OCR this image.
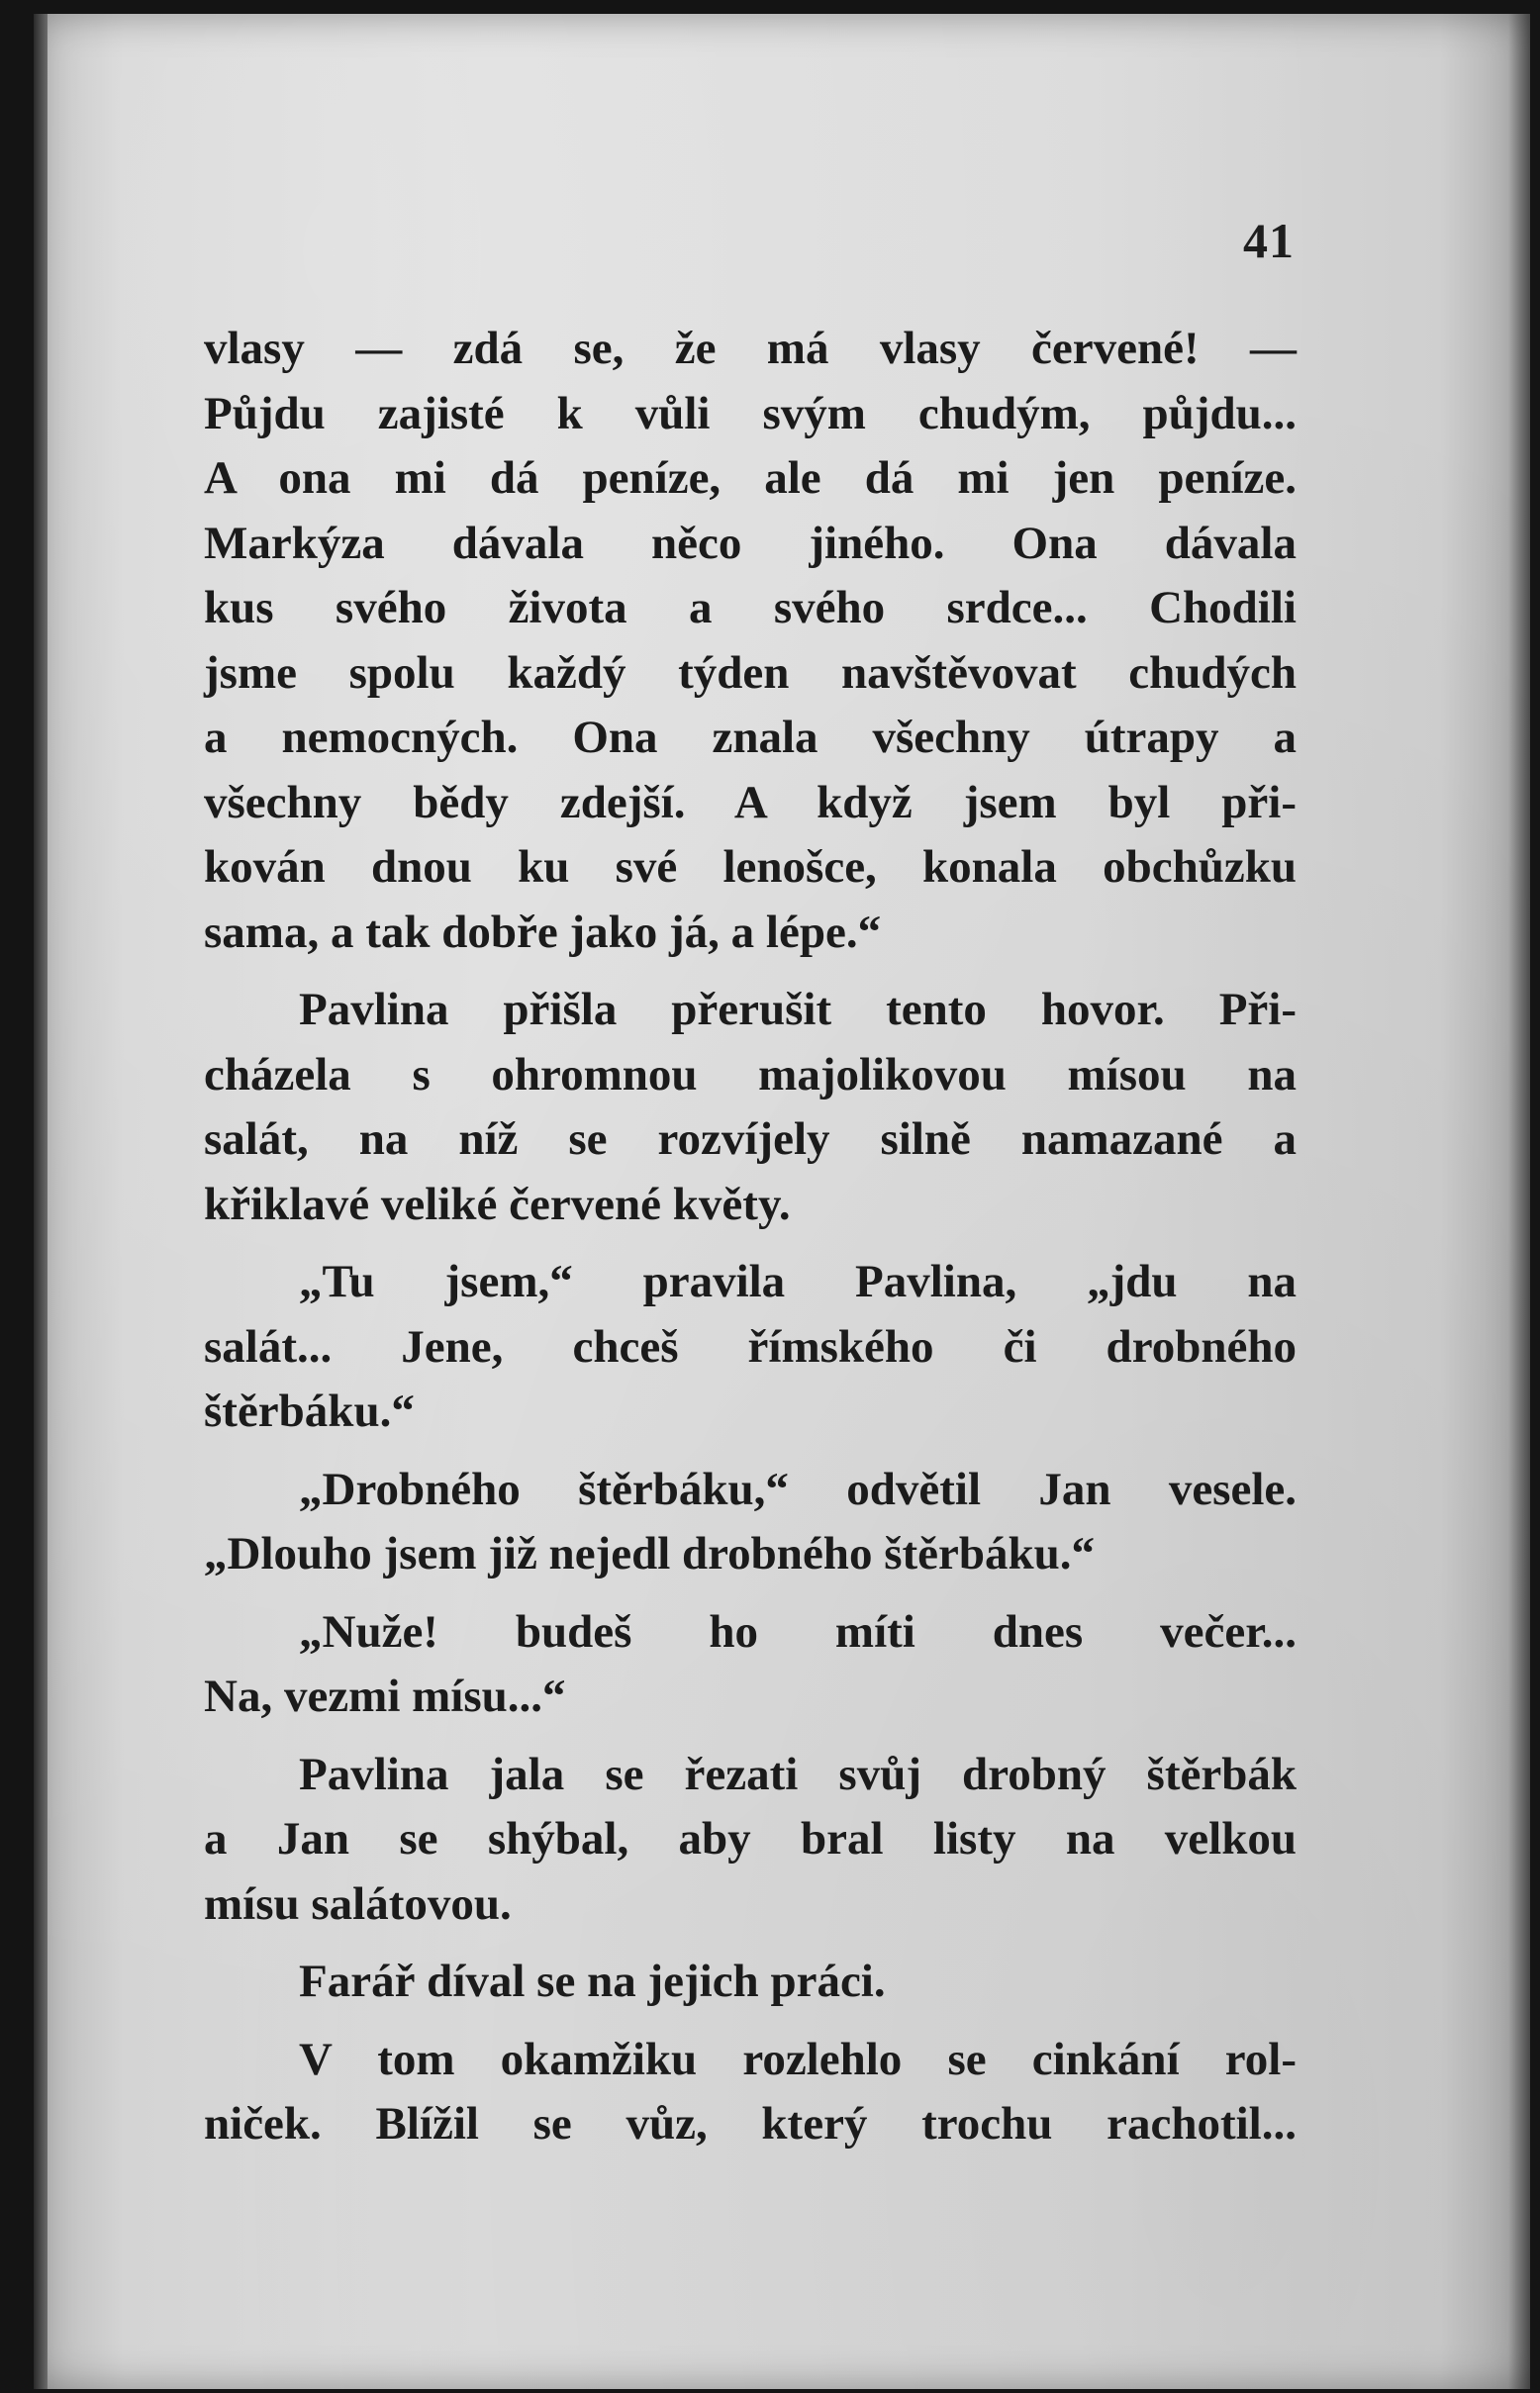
41
vlasy — zdá se, že má vlasy červené! —
Půjdu zajisté k vůli svým chudým, půjdu...
A ona mi dá peníze, ale dá mi jen peníze.
Markýza dávala něco jiného. Ona dávala
kus svého života a svého srdce... Chodili
jsme spolu každý týden navštěvovat chudých
a nemocných. Ona znala všechny útrapy a
všechny bědy zdejší. A když jsem byl při-
kován dnou ku své lenošce, konala obchůzku
sama, a tak dobře jako já, a lépe.“
Pavlina přišla přerušit tento hovor. Při-
cházela s ohromnou majolikovou mísou na
salát, na níž se rozvíjely silně namazané a
křiklavé veliké červené květy.
„Tu jsem,“ pravila Pavlina, „jdu na
salát... Jene, chceš římského či drobného
štěrbáku.“
„Drobného štěrbáku,“ odvětil Jan vesele.
„Dlouho jsem již nejedl drobného štěrbáku.“
„Nuže! budeš ho míti dnes večer...
Na, vezmi mísu...“
Pavlina jala se řezati svůj drobný štěrbák
a Jan se shýbal, aby bral listy na velkou
mísu salátovou.
Farář díval se na jejich práci.
V tom okamžiku rozlehlo se cinkání rol-
niček. Blížil se vůz, který trochu rachotil...
